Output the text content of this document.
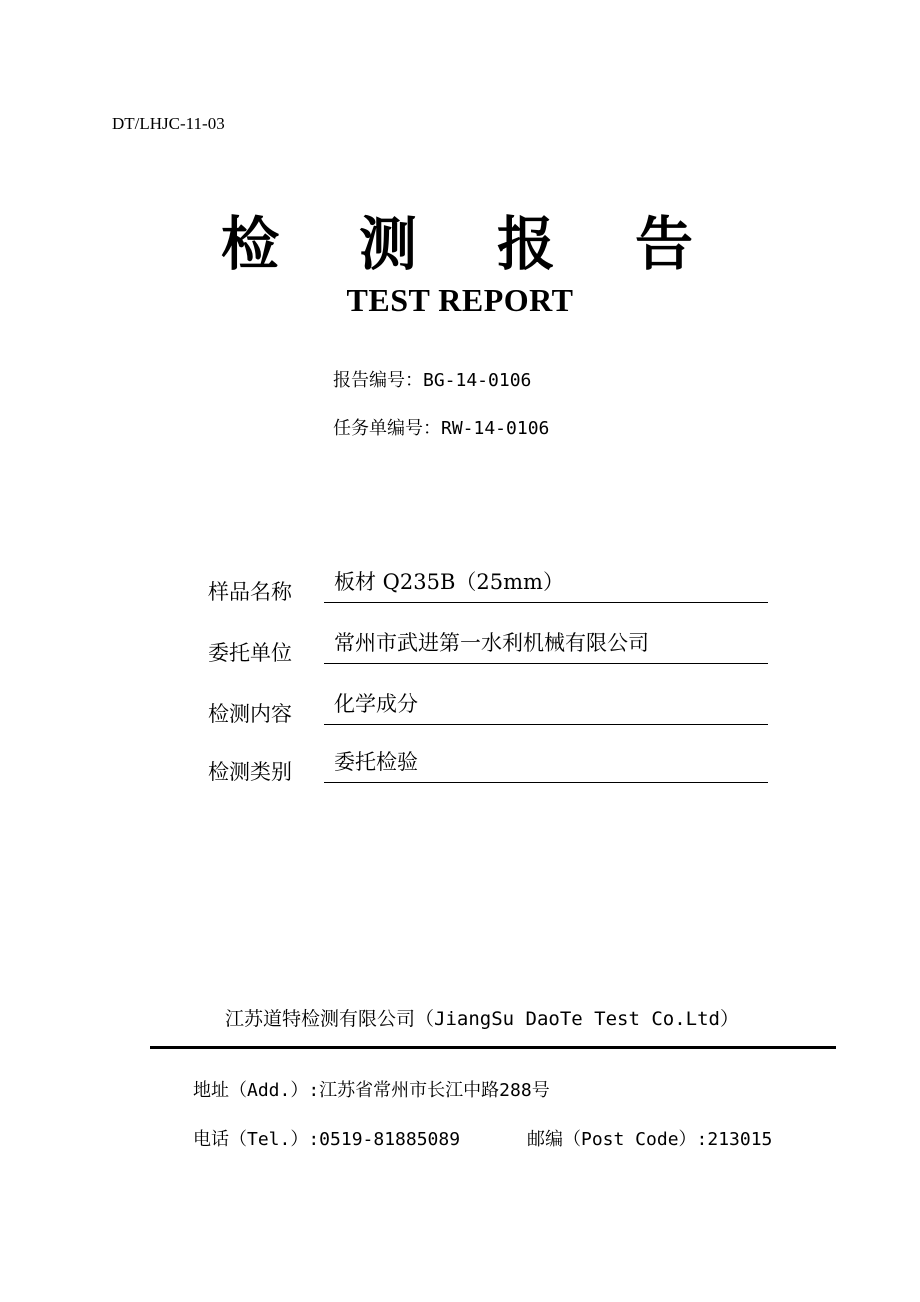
DT/LHJC-11-03
检 测 报 告
TEST REPORT
报告编号：BG-14-0106
任务单编号：RW-14-0106
样品名称 板材 Q235B（25mm）
委托单位 常州市武进第一水利机械有限公司
检测内容 化学成分
检测类别 委托检验
江苏道特检测有限公司（JiangSu DaoTe Test Co.Ltd）
地址（Add.）:江苏省常州市长江中路288号
电话（Tel.）:0519-81885089	邮编（Post Code）:213015
